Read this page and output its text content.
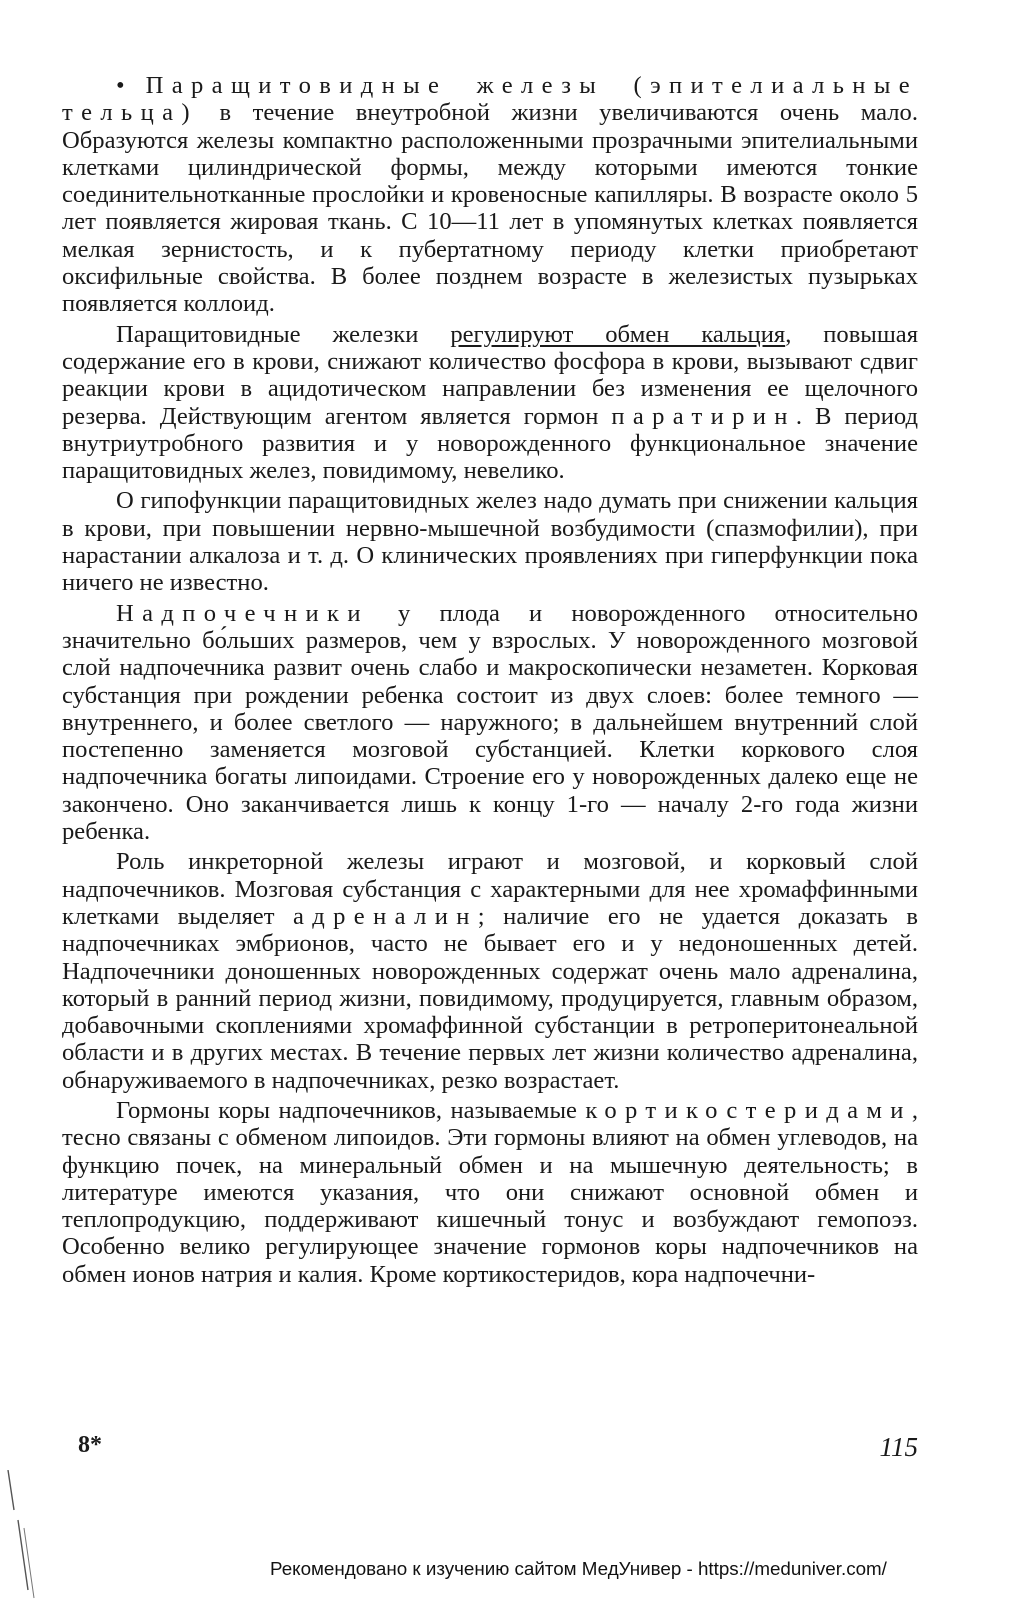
• Паращитовидные железы (эпителиальные тельца) в течение внеутробной жизни увеличиваются очень мало. Образуются железы компактно расположенными прозрачными эпителиальными клетками цилиндрической формы, между которыми имеются тонкие соединительнотканные прослойки и кровеносные капилляры. В возрасте около 5 лет появляется жировая ткань. С 10—11 лет в упомянутых клетках появляется мелкая зернистость, и к пубертатному периоду клетки приобретают оксифильные свойства. В более позднем возрасте в железистых пузырьках появляется коллоид.

Паращитовидные железки регулируют обмен кальция, повышая содержание его в крови, снижают количество фосфора в крови, вызывают сдвиг реакции крови в ацидотическом направлении без изменения ее щелочного резерва. Действующим агентом является гормон паратирин. В период внутриутробного развития и у новорожденного функциональное значение паращитовидных желез, повидимому, невелико.

О гипофункции паращитовидных желез надо думать при снижении кальция в крови, при повышении нервно-мышечной возбудимости (спазмофилии), при нарастании алкалоза и т. д. О клинических проявлениях при гиперфункции пока ничего не известно.

Надпочечники у плода и новорожденного относительно значительно бо́льших размеров, чем у взрослых. У новорожденного мозговой слой надпочечника развит очень слабо и макроскопически незаметен. Корковая субстанция при рождении ребенка состоит из двух слоев: более темного — внутреннего, и более светлого — наружного; в дальнейшем внутренний слой постепенно заменяется мозговой субстанцией. Клетки коркового слоя надпочечника богаты липоидами. Строение его у новорожденных далеко еще не закончено. Оно заканчивается лишь к концу 1-го — началу 2-го года жизни ребенка.

Роль инкреторной железы играют и мозговой, и корковый слой надпочечников. Мозговая субстанция с характерными для нее хромаффинными клетками выделяет адреналин; наличие его не удается доказать в надпочечниках эмбрионов, часто не бывает его и у недоношенных детей. Надпочечники доношенных новорожденных содержат очень мало адреналина, который в ранний период жизни, повидимому, продуцируется, главным образом, добавочными скоплениями хромаффинной субстанции в ретроперитонеальной области и в других местах. В течение первых лет жизни количество адреналина, обнаруживаемого в надпочечниках, резко возрастает.

Гормоны коры надпочечников, называемые кортикостеридами, тесно связаны с обменом липоидов. Эти гормоны влияют на обмен углеводов, на функцию почек, на минеральный обмен и на мышечную деятельность; в литературе имеются указания, что они снижают основной обмен и теплопродукцию, поддерживают кишечный тонус и возбуждают гемопоэз. Особенно велико регулирующее значение гормонов коры надпочечников на обмен ионов натрия и калия. Кроме кортикостеридов, кора надпочечни-

8*	115
Рекомендовано к изучению сайтом МедУнивер - https://meduniver.com/
